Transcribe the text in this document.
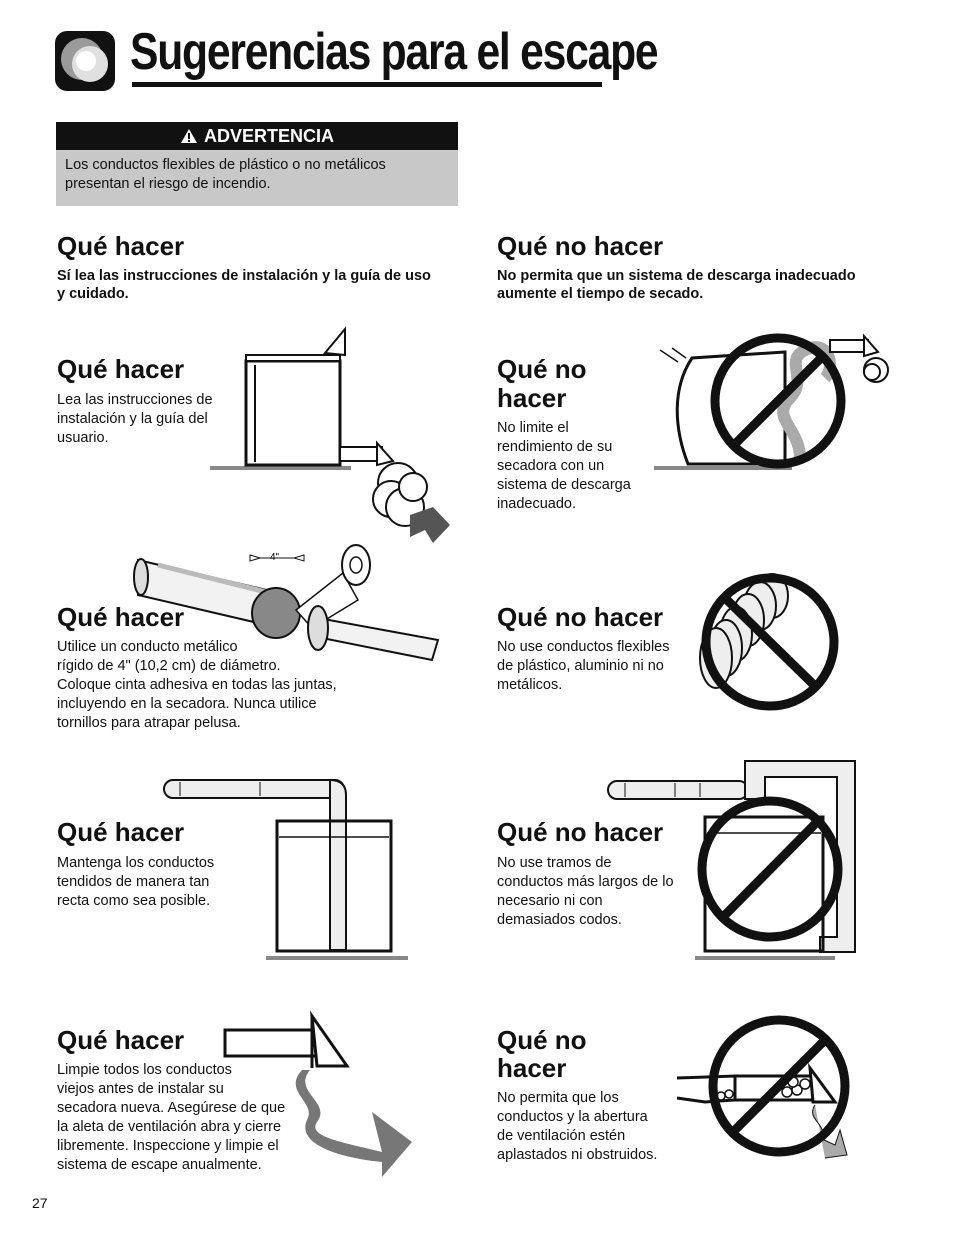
Sugerencias para el escape
ADVERTENCIA
Los conductos flexibles de plástico o no metálicos
presentan el riesgo de incendio.
Qué hacer
Sí lea las instrucciones de instalación y la guía de uso
y cuidado.
Qué no hacer
No permita que un sistema de descarga inadecuado
aumente el tiempo de secado.
Qué hacer
Lea las instrucciones de
instalación y la guía del
usuario.
Qué no
hacer
No limite el
rendimiento de su
secadora con un
sistema de descarga
inadecuado.
4"
Qué hacer
Utilice un conducto metálico
rígido de 4" (10,2 cm) de diámetro.
Coloque cinta adhesiva en todas las juntas,
incluyendo en la secadora. Nunca utilice
tornillos para atrapar pelusa.
Qué no hacer
No use conductos flexibles
de plástico, aluminio ni no
metálicos.
Qué hacer
Mantenga los conductos
tendidos de manera tan
recta como sea posible.
Qué no hacer
No use tramos de
conductos más largos de lo
necesario ni con
demasiados codos.
Qué hacer
Limpie todos los conductos
viejos antes de instalar su
secadora nueva. Asegúrese de que
la aleta de ventilación abra y cierre
libremente. Inspeccione y limpie el
sistema de escape anualmente.
Qué no
hacer
No permita que los
conductos y la abertura
de ventilación estén
aplastados ni obstruidos.
27
